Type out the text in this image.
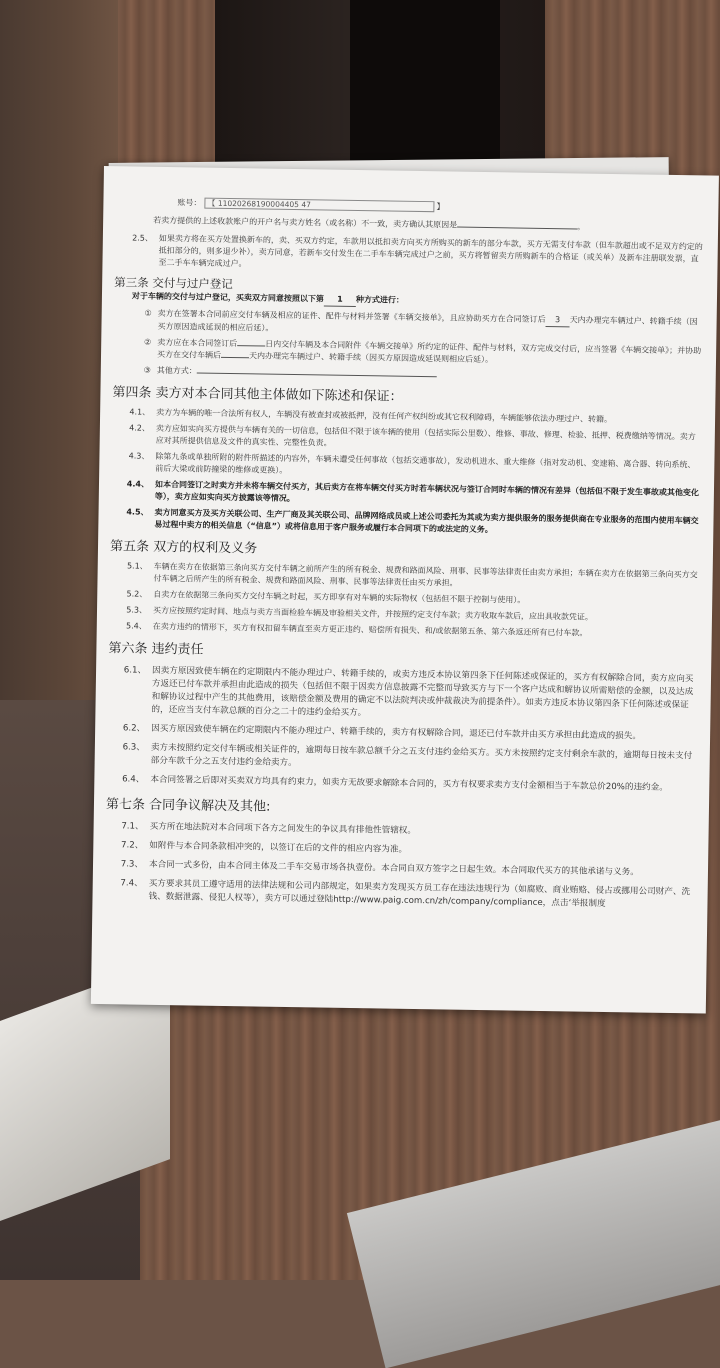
账号： 【 11020268190004405 47	】
若卖方提供的上述收款账户的开户名与卖方姓名（或名称）不一致，卖方确认其原因是	。
2.5、 如果卖方将在买方处置换新车的，卖、买双方约定，车款用以抵扣卖方向买方所购买的新车的部分车款，买方无需支付车款（但车款超出或不足双方约定的抵扣部分的，则多退少补），卖方同意，若新车交付发生在二手车车辆完成过户之前，买方将暂留卖方所购新车的合格证（或关单）及新车注册联发票，直至二手车车辆完成过户。
第三条 交付与过户登记
对于车辆的交付与过户登记，买卖双方同意按照以下第 1 种方式进行：
① 卖方在签署本合同前应交付车辆及相应的证件、配件与材料并签署《车辆交接单》，且应协助买方在合同签订后 3 天内办理完车辆过户、转籍手续（因买方原因造成延误的相应后延）。
② 卖方应在本合同签订后	日内交付车辆及本合同附件《车辆交接单》所约定的证件、配件与材料，双方完成交付后，应当签署《车辆交接单》；并协助买方在交付车辆后	天内办理完车辆过户、转籍手续（因买方原因造成延误则相应后延）。
③ 其他方式：
第四条 卖方对本合同其他主体做如下陈述和保证：
4.1、 卖方为车辆的唯一合法所有权人，车辆没有被查封或被抵押，没有任何产权纠纷或其它权利障碍，车辆能够依法办理过户、转籍。
4.2、 卖方应如实向买方提供与车辆有关的一切信息，包括但不限于该车辆的使用（包括实际公里数）、维修、事故、修理、检验、抵押、税费缴纳等情况。卖方应对其所提供信息及文件的真实性、完整性负责。
4.3、 除第九条或单独所附的附件所描述的内容外，车辆未遭受任何事故（包括交通事故），发动机进水、重大维修（指对发动机、变速箱、离合器、转向系统、前后大梁或前防撞梁的维修或更换）。
4.4、 如本合同签订之时卖方并未将车辆交付买方，其后卖方在将车辆交付买方时若车辆状况与签订合同时车辆的情况有差异（包括但不限于发生事故或其他变化等），卖方应如实向买方披露该等情况。
4.5、 卖方同意买方及买方关联公司、生产厂商及其关联公司、品牌网络成员或上述公司委托为其或为卖方提供服务的服务提供商在专业服务的范围内使用车辆交易过程中卖方的相关信息（“信息”）或将信息用于客户服务或履行本合同项下的或法定的义务。
第五条 双方的权利及义务
5.1、 车辆在卖方在依据第三条向买方交付车辆之前所产生的所有税金、规费和路面风险、刑事、民事等法律责任由卖方承担；车辆在卖方在依据第三条向买方交付车辆之后所产生的所有税金、规费和路面风险、刑事、民事等法律责任由买方承担。
5.2、 自卖方在依据第三条向买方交付车辆之时起，买方即享有对车辆的实际物权（包括但不限于控制与使用）。
5.3、 买方应按照约定时间、地点与卖方当面检验车辆及审验相关文件，并按照约定支付车款；卖方收取车款后，应出具收款凭证。
5.4、 在卖方违约的情形下，买方有权扣留车辆直至卖方更正违约、赔偿所有损失、和/或依据第五条、第六条返还所有已付车款。
第六条 违约责任
6.1、 因卖方原因致使车辆在约定期限内不能办理过户、转籍手续的，或卖方违反本协议第四条下任何陈述或保证的，买方有权解除合同，卖方应向买方返还已付车款并承担由此造成的损失（包括但不限于因卖方信息披露不完整而导致买方与下一个客户达成和解协议所需赔偿的金额，以及达成和解协议过程中产生的其他费用，该赔偿金额及费用的确定不以法院判决或仲裁裁决为前提条件）。如卖方违反本协议第四条下任何陈述或保证的，还应当支付车款总额的百分之二十的违约金给买方。
6.2、 因买方原因致使车辆在约定期限内不能办理过户、转籍手续的，卖方有权解除合同，退还已付车款并由买方承担由此造成的损失。
6.3、 卖方未按照约定交付车辆或相关证件的，逾期每日按车款总额千分之五支付违约金给买方。买方未按照约定支付剩余车款的，逾期每日按未支付部分车款千分之五支付违约金给卖方。
6.4、 本合同签署之后即对买卖双方均具有约束力，如卖方无故要求解除本合同的，买方有权要求卖方支付金额相当于车款总价20%的违约金。
第七条 合同争议解决及其他:
7.1、 买方所在地法院对本合同项下各方之间发生的争议具有排他性管辖权。
7.2、 如附件与本合同条款相冲突的，以签订在后的文件的相应内容为准。
7.3、 本合同一式多份，由本合同主体及二手车交易市场各执壹份。本合同自双方签字之日起生效。本合同取代买方的其他承诺与义务。
7.4、 买方要求其员工遵守适用的法律法规和公司内部规定，如果卖方发现买方员工存在违法违规行为（如腐败、商业贿赂、侵占或挪用公司财产、洗钱、数据泄露、侵犯人权等），卖方可以通过登陆http://www.paig.com.cn/zh/company/compliance，点击‘举报制度
